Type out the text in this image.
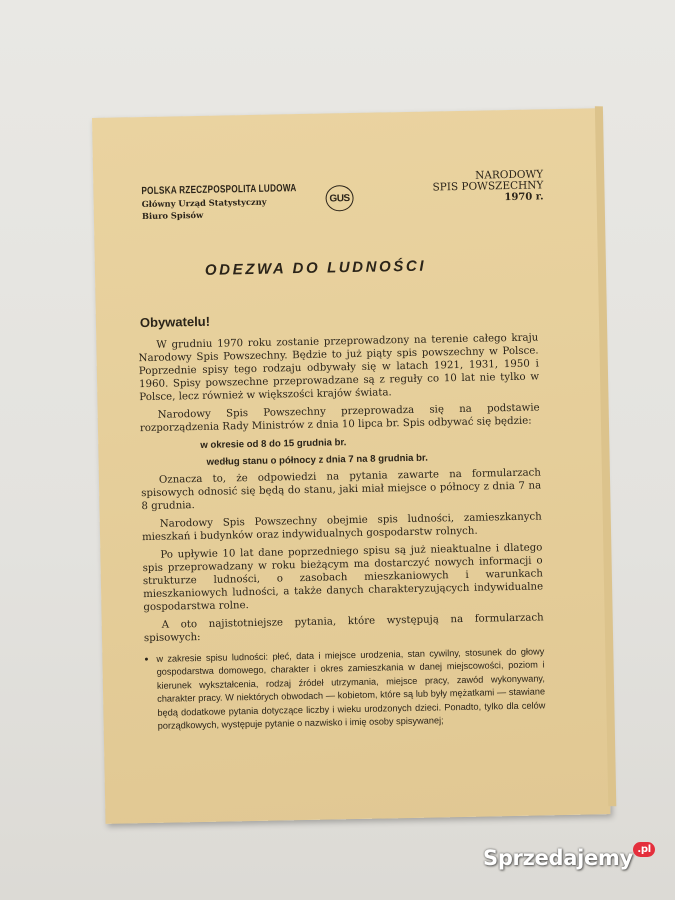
POLSKA RZECZPOSPOLITA LUDOWA
Główny Urząd Statystyczny
Biuro Spisów
GUS
NARODOWY
SPIS POWSZECHNY
1970 r.
ODEZWA DO LUDNOŚCI
Obywatelu!

W grudniu 1970 roku zostanie przeprowadzony na terenie całego kraju Narodowy Spis Powszechny. Będzie to już piąty spis powszechny w Polsce. Poprzednie spisy tego rodzaju odbywały się w latach 1921, 1931, 1950 i 1960. Spisy powszechne przeprowadzane są z reguły co 10 lat nie tylko w Polsce, lecz również w większości krajów świata.

Narodowy Spis Powszechny przeprowadza się na podstawie rozporządzenia Rady Ministrów z dnia 10 lipca br. Spis odbywać się będzie:

w okresie od 8 do 15 grudnia br.

według stanu o północy z dnia 7 na 8 grudnia br.

Oznacza to, że odpowiedzi na pytania zawarte na formularzach spisowych odnosić się będą do stanu, jaki miał miejsce o północy z dnia 7 na 8 grudnia.

Narodowy Spis Powszechny obejmie spis ludności, zamieszkanych mieszkań i budynków oraz indywidualnych gospodarstw rolnych.

Po upływie 10 lat dane poprzedniego spisu są już nieaktualne i dlatego spis przeprowadzany w roku bieżącym ma dostarczyć nowych informacji o strukturze ludności, o zasobach mieszkaniowych i warunkach mieszkaniowych ludności, a także danych charakteryzujących indywidualne gospodarstwa rolne.

A oto najistotniejsze pytania, które występują na formularzach spisowych:

● w zakresie spisu ludności: płeć, data i miejsce urodzenia, stan cywilny, stosunek do głowy gospodarstwa domowego, charakter i okres zamieszkania w danej miejscowości, poziom i kierunek wykształcenia, rodzaj źródeł utrzymania, miejsce pracy, zawód wykonywany, charakter pracy. W niektórych obwodach — kobietom, które są lub były mężatkami — stawiane będą dodatkowe pytania dotyczące liczby i wieku urodzonych dzieci. Ponadto, tylko dla celów porządkowych, występuje pytanie o nazwisko i imię osoby spisywanej;

Sprzedajemy .pl
